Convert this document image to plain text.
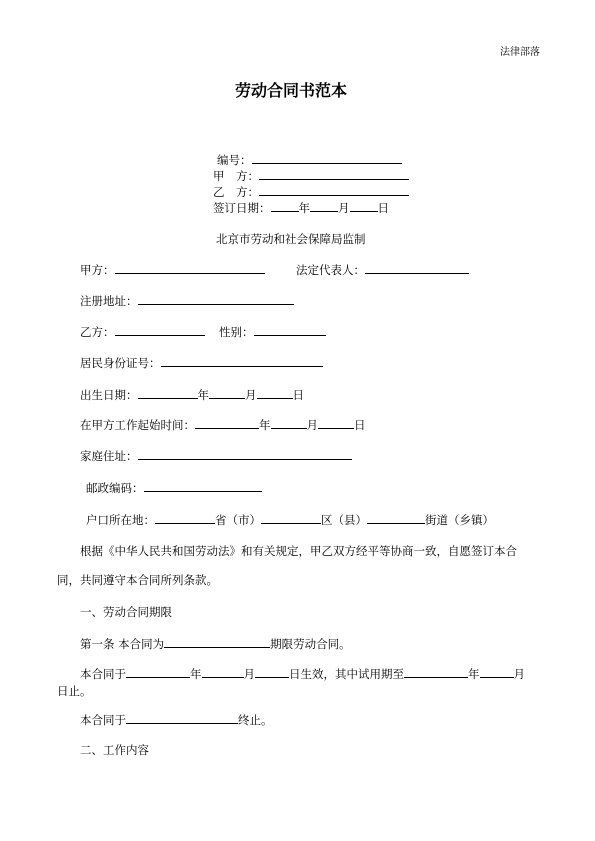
法律部落
劳动合同书范本
编号：
甲　方：
乙　方：
签订日期： 年 月 日
北京市劳动和社会保障局监制
甲方：	法定代表人：
注册地址：
乙方：	性别：
居民身份证号：
出生日期：	年	月	日
在甲方工作起始时间：	年	月	日
家庭住址：
邮政编码：
户口所在地：	省（市）	区（县）	街道（乡镇）
根据《中华人民共和国劳动法》和有关规定，甲乙双方经平等协商一致，自愿签订本合
同，共同遵守本合同所列条款。
一、劳动合同期限
第一条 本合同为	期限劳动合同。
本合同于	年	月	日生效，其中试用期至	年	月
日止。
本合同于	终止。
二、工作内容
